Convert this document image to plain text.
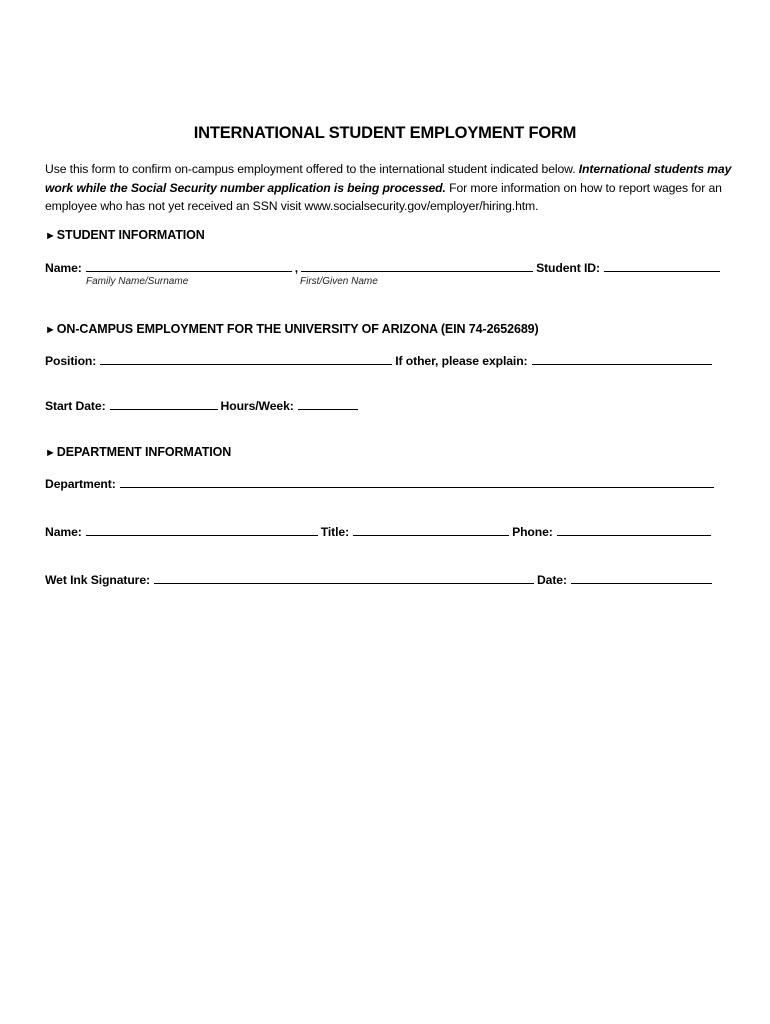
INTERNATIONAL STUDENT EMPLOYMENT FORM
Use this form to confirm on-campus employment offered to the international student indicated below. International students may work while the Social Security number application is being processed. For more information on how to report wages for an employee who has not yet received an SSN visit www.socialsecurity.gov/employer/hiring.htm.
►STUDENT INFORMATION
Name:	,	Student ID:
Family Name/Surname	First/Given Name
►ON-CAMPUS EMPLOYMENT FOR THE UNIVERSITY OF ARIZONA (EIN 74-2652689)
Position:	If other, please explain:
Start Date:	Hours/Week:
►DEPARTMENT INFORMATION
Department:
Name:	Title:	Phone:
Wet Ink Signature:	Date:
